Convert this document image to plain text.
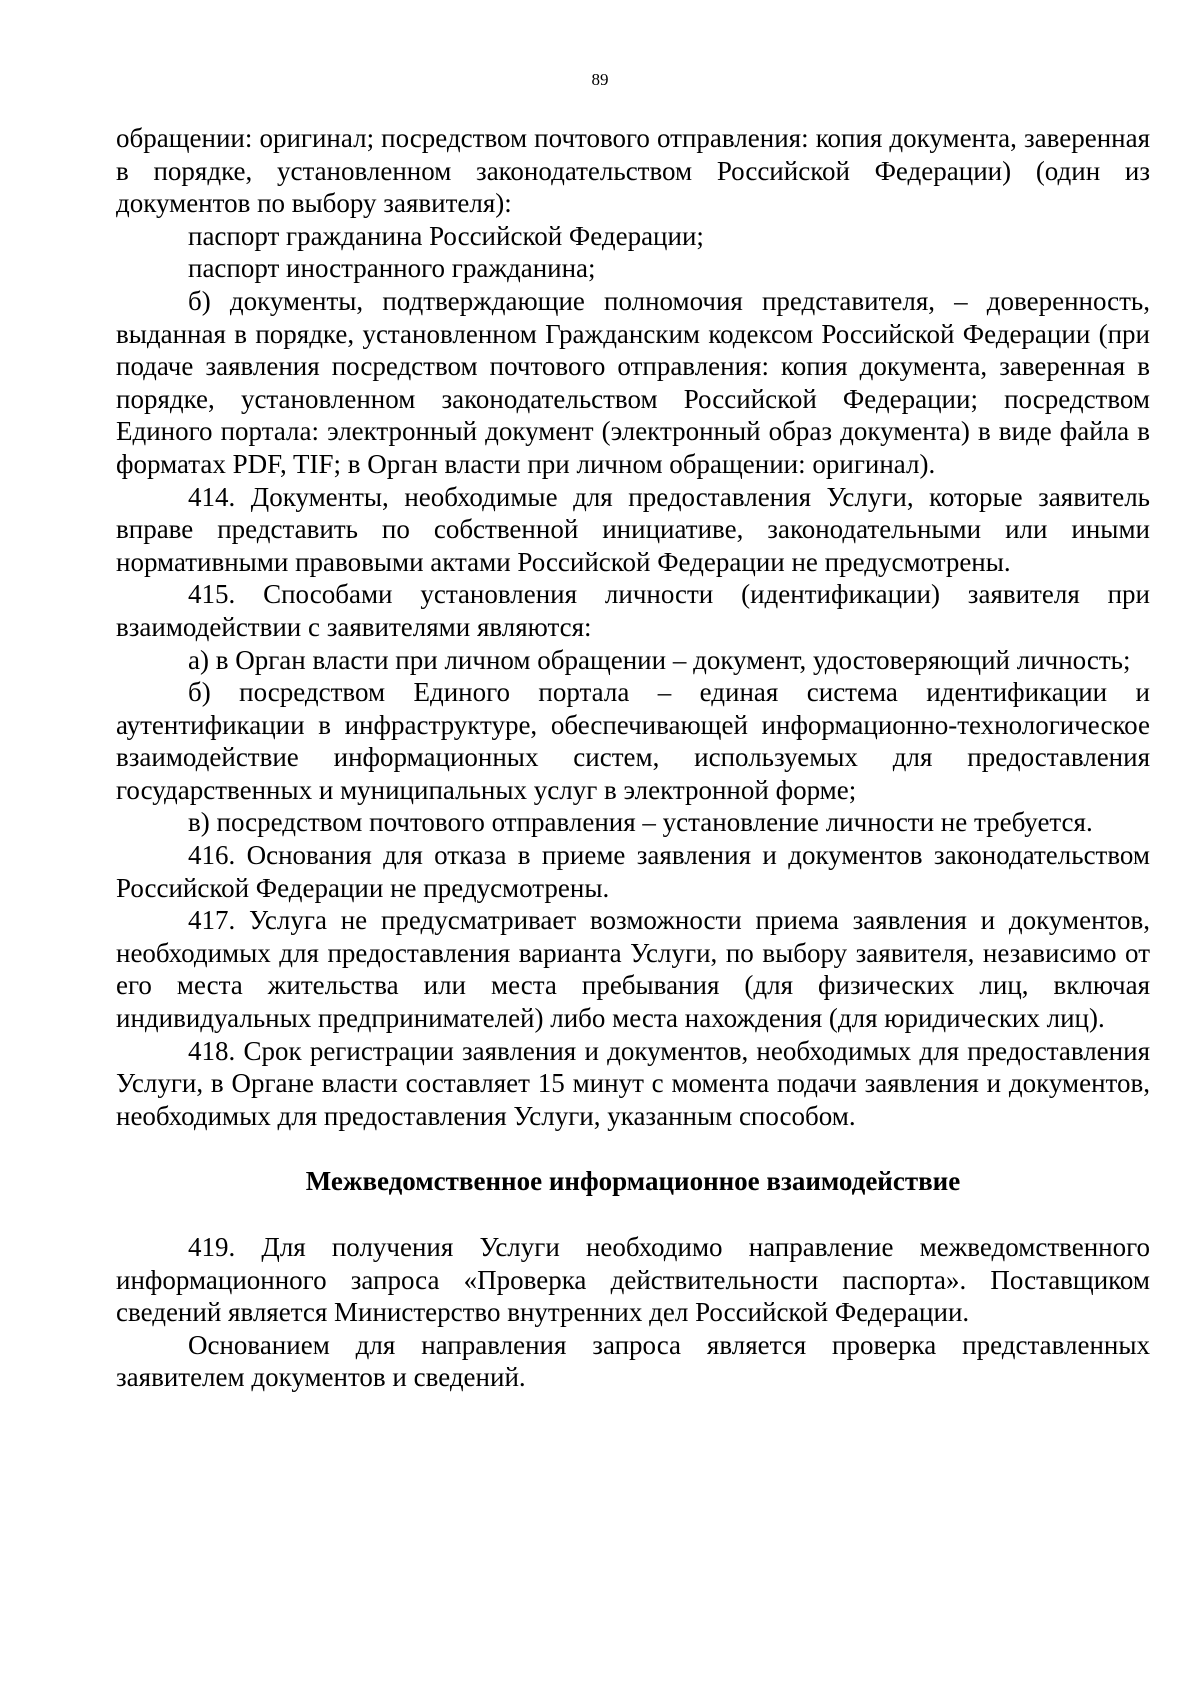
89

обращении: оригинал; посредством почтового отправления: копия документа, заверенная в порядке, установленном законодательством Российской Федерации) (один из документов по выбору заявителя):

паспорт гражданина Российской Федерации;

паспорт иностранного гражданина;

б) документы, подтверждающие полномочия представителя, – доверенность, выданная в порядке, установленном Гражданским кодексом Российской Федерации (при подаче заявления посредством почтового отправления: копия документа, заверенная в порядке, установленном законодательством Российской Федерации; посредством Единого портала: электронный документ (электронный образ документа) в виде файла в форматах PDF, TIF; в Орган власти при личном обращении: оригинал).

414. Документы, необходимые для предоставления Услуги, которые заявитель вправе представить по собственной инициативе, законодательными или иными нормативными правовыми актами Российской Федерации не предусмотрены.

415. Способами установления личности (идентификации) заявителя при взаимодействии с заявителями являются:

а) в Орган власти при личном обращении – документ, удостоверяющий личность;

б) посредством Единого портала – единая система идентификации и аутентификации в инфраструктуре, обеспечивающей информационно-технологическое взаимодействие информационных систем, используемых для предоставления государственных и муниципальных услуг в электронной форме;

в) посредством почтового отправления – установление личности не требуется.

416. Основания для отказа в приеме заявления и документов законодательством Российской Федерации не предусмотрены.

417. Услуга не предусматривает возможности приема заявления и документов, необходимых для предоставления варианта Услуги, по выбору заявителя, независимо от его места жительства или места пребывания (для физических лиц, включая индивидуальных предпринимателей) либо места нахождения (для юридических лиц).

418. Срок регистрации заявления и документов, необходимых для предоставления Услуги, в Органе власти составляет 15 минут с момента подачи заявления и документов, необходимых для предоставления Услуги, указанным способом.

Межведомственное информационное взаимодействие

419. Для получения Услуги необходимо направление межведомственного информационного запроса «Проверка действительности паспорта». Поставщиком сведений является Министерство внутренних дел Российской Федерации.

Основанием для направления запроса является проверка представленных заявителем документов и сведений.
